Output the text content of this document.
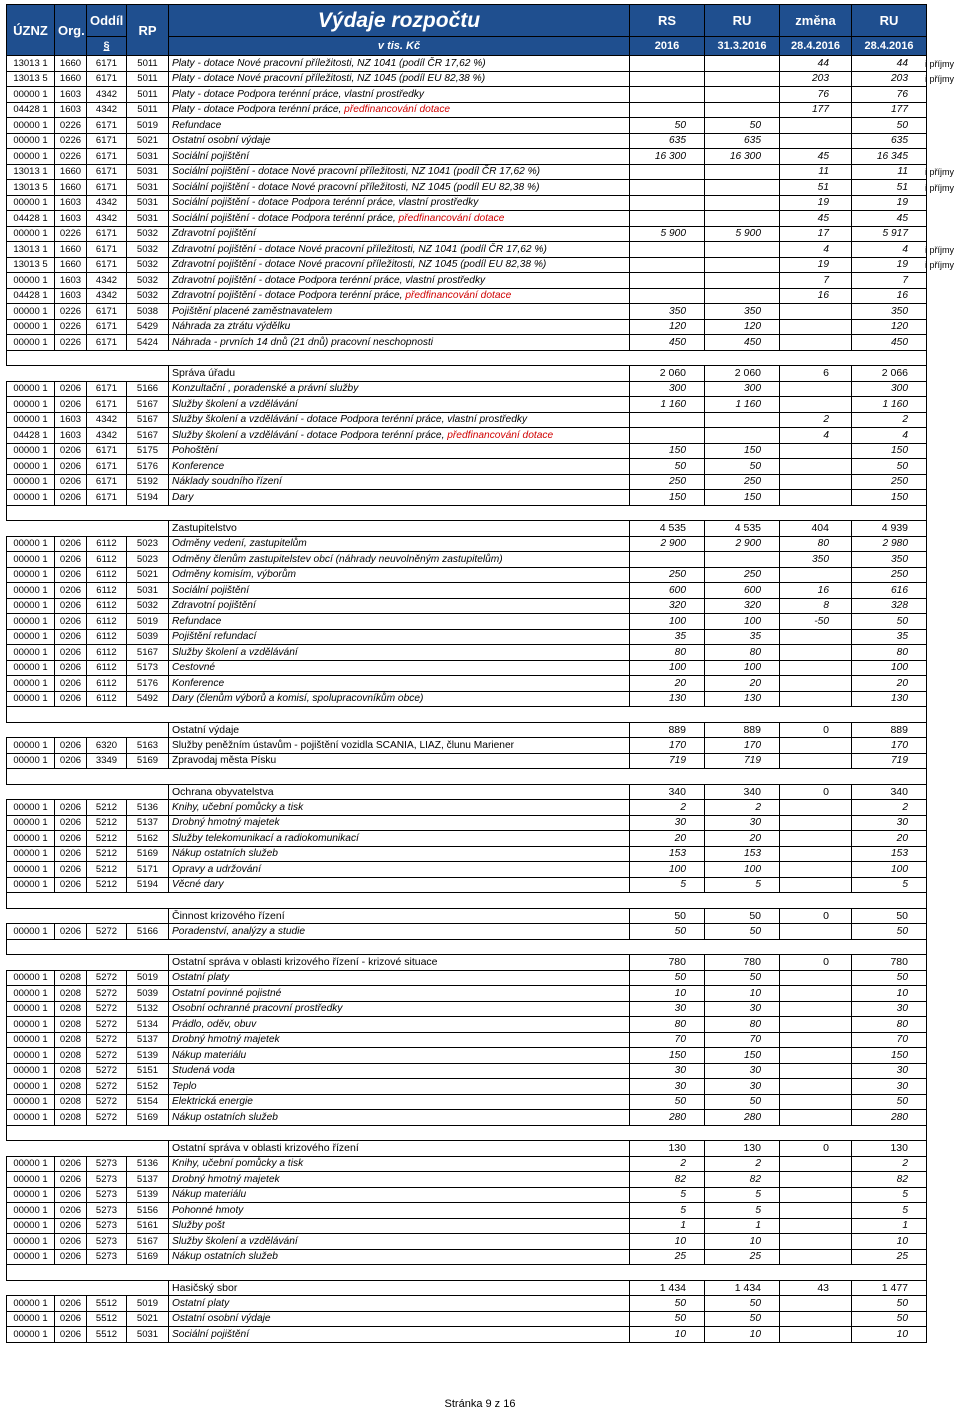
ÚZNZ	Org.	Oddíl	RP	Výdaje rozpočtu	RS	RU	změna	RU
		§		v tis. Kč	2016	31.3.2016	28.4.2016	28.4.2016
13013 1	1660	6171	5011	Platy - dotace Nové pracovní příležitosti, NZ 1041 (podíl ČR 17,62 %)			44	44
13013 5	1660	6171	5011	Platy - dotace Nové pracovní příležitosti, NZ 1045 (podíl EU 82,38 %)			203	203
00000 1	1603	4342	5011	Platy - dotace Podpora terénní práce, vlastní prostředky			76	76
04428 1	1603	4342	5011	Platy - dotace Podpora terénní práce, předfinancování dotace			177	177
00000 1	0226	6171	5019	Refundace	50	50		50
00000 1	0226	6171	5021	Ostatní osobní výdaje	635	635		635
00000 1	0226	6171	5031	Sociální pojištění	16 300	16 300	45	16 345
13013 1	1660	6171	5031	Sociální pojištění - dotace Nové pracovní příležitosti, NZ 1041 (podíl ČR 17,62 %)			11	11
13013 5	1660	6171	5031	Sociální pojištění - dotace Nové pracovní příležitosti, NZ 1045 (podíl EU 82,38 %)			51	51
00000 1	1603	4342	5031	Sociální pojištění - dotace Podpora terénní práce, vlastní prostředky			19	19
04428 1	1603	4342	5031	Sociální pojištění - dotace Podpora terénní práce, předfinancování dotace			45	45
00000 1	0226	6171	5032	Zdravotní pojištění	5 900	5 900	17	5 917
13013 1	1660	6171	5032	Zdravotní pojištění - dotace Nové pracovní příležitosti, NZ 1041 (podíl ČR 17,62 %)			4	4
13013 5	1660	6171	5032	Zdravotní pojištění - dotace Nové pracovní příležitosti, NZ 1045 (podíl EU 82,38 %)			19	19
00000 1	1603	4342	5032	Zdravotní pojištění - dotace Podpora terénní práce, vlastní prostředky			7	7
04428 1	1603	4342	5032	Zdravotní pojištění - dotace Podpora terénní práce, předfinancování dotace			16	16
00000 1	0226	6171	5038	Pojištění placené zaměstnavatelem	350	350		350
00000 1	0226	6171	5429	Náhrada za ztrátu výdělku	120	120		120
00000 1	0226	6171	5424	Náhrada - prvních 14 dnů (21 dnů) pracovní neschopnosti	450	450		450

				Správa úřadu	2 060	2 060	6	2 066
00000 1	0206	6171	5166	Konzultační , poradenské a právní služby	300	300		300
00000 1	0206	6171	5167	Služby školení a vzdělávání	1 160	1 160		1 160
00000 1	1603	4342	5167	Služby školení a vzdělávání - dotace Podpora terénní práce, vlastní prostředky			2	2
04428 1	1603	4342	5167	Služby školení a vzdělávání - dotace Podpora terénní práce, předfinancování dotace			4	4
00000 1	0206	6171	5175	Pohoštění	150	150		150
00000 1	0206	6171	5176	Konference	50	50		50
00000 1	0206	6171	5192	Náklady soudního řízení	250	250		250
00000 1	0206	6171	5194	Dary	150	150		150

				Zastupitelstvo	4 535	4 535	404	4 939
00000 1	0206	6112	5023	Odměny vedení, zastupitelům	2 900	2 900	80	2 980
00000 1	0206	6112	5023	Odměny členům zastupitelstev obcí (náhrady neuvolněným zastupitelům)			350	350
00000 1	0206	6112	5021	Odměny komisím, výborům	250	250		250
00000 1	0206	6112	5031	Sociální pojištění	600	600	16	616
00000 1	0206	6112	5032	Zdravotní pojištění	320	320	8	328
00000 1	0206	6112	5019	Refundace	100	100	-50	50
00000 1	0206	6112	5039	Pojištění refundací	35	35		35
00000 1	0206	6112	5167	Služby školení a vzdělávání	80	80		80
00000 1	0206	6112	5173	Cestovné	100	100		100
00000 1	0206	6112	5176	Konference	20	20		20
00000 1	0206	6112	5492	Dary (členům výborů a komisí, spolupracovníkům obce)	130	130		130

				Ostatní výdaje	889	889	0	889
00000 1	0206	6320	5163	Služby peněžním ústavům - pojištění vozidla SCANIA, LIAZ, člunu Mariener	170	170		170
00000 1	0206	3349	5169	Zpravodaj města Písku	719	719		719

				Ochrana obyvatelstva	340	340	0	340
00000 1	0206	5212	5136	Knihy, učební pomůcky a tisk	2	2		2
00000 1	0206	5212	5137	Drobný hmotný majetek	30	30		30
00000 1	0206	5212	5162	Služby telekomunikací a radiokomunikací	20	20		20
00000 1	0206	5212	5169	Nákup ostatních služeb	153	153		153
00000 1	0206	5212	5171	Opravy a udržování	100	100		100
00000 1	0206	5212	5194	Věcné dary	5	5		5

				Činnost krizového řízení	50	50	0	50
00000 1	0206	5272	5166	Poradenství, analýzy a studie	50	50		50

				Ostatní správa v oblasti krizového řízení - krizové situace	780	780	0	780
00000 1	0208	5272	5019	Ostatní platy	50	50		50
00000 1	0208	5272	5039	Ostatní povinné pojistné	10	10		10
00000 1	0208	5272	5132	Osobní ochranné pracovní prostředky	30	30		30
00000 1	0208	5272	5134	Prádlo, oděv, obuv	80	80		80
00000 1	0208	5272	5137	Drobný hmotný majetek	70	70		70
00000 1	0208	5272	5139	Nákup materiálu	150	150		150
00000 1	0208	5272	5151	Studená voda	30	30		30
00000 1	0208	5272	5152	Teplo	30	30		30
00000 1	0208	5272	5154	Elektrická energie	50	50		50
00000 1	0208	5272	5169	Nákup ostatních služeb	280	280		280

				Ostatní správa v oblasti krizového řízení	130	130	0	130
00000 1	0206	5273	5136	Knihy, učební pomůcky a tisk	2	2		2
00000 1	0206	5273	5137	Drobný hmotný majetek	82	82		82
00000 1	0206	5273	5139	Nákup materiálu	5	5		5
00000 1	0206	5273	5156	Pohonné hmoty	5	5		5
00000 1	0206	5273	5161	Služby pošt	1	1		1
00000 1	0206	5273	5167	Služby školení a vzdělávání	10	10		10
00000 1	0206	5273	5169	Nákup ostatních služeb	25	25		25

				Hasičský sbor	1 434	1 434	43	1 477
00000 1	0206	5512	5019	Ostatní platy	50	50		50
00000 1	0206	5512	5021	Ostatní osobní výdaje	50	50		50
00000 1	0206	5512	5031	Sociální pojištění	10	10		10
i příjmy
i příjmy
i příjmy
i příjmy
i příjmy
i příjmy
Stránka 9 z 16
